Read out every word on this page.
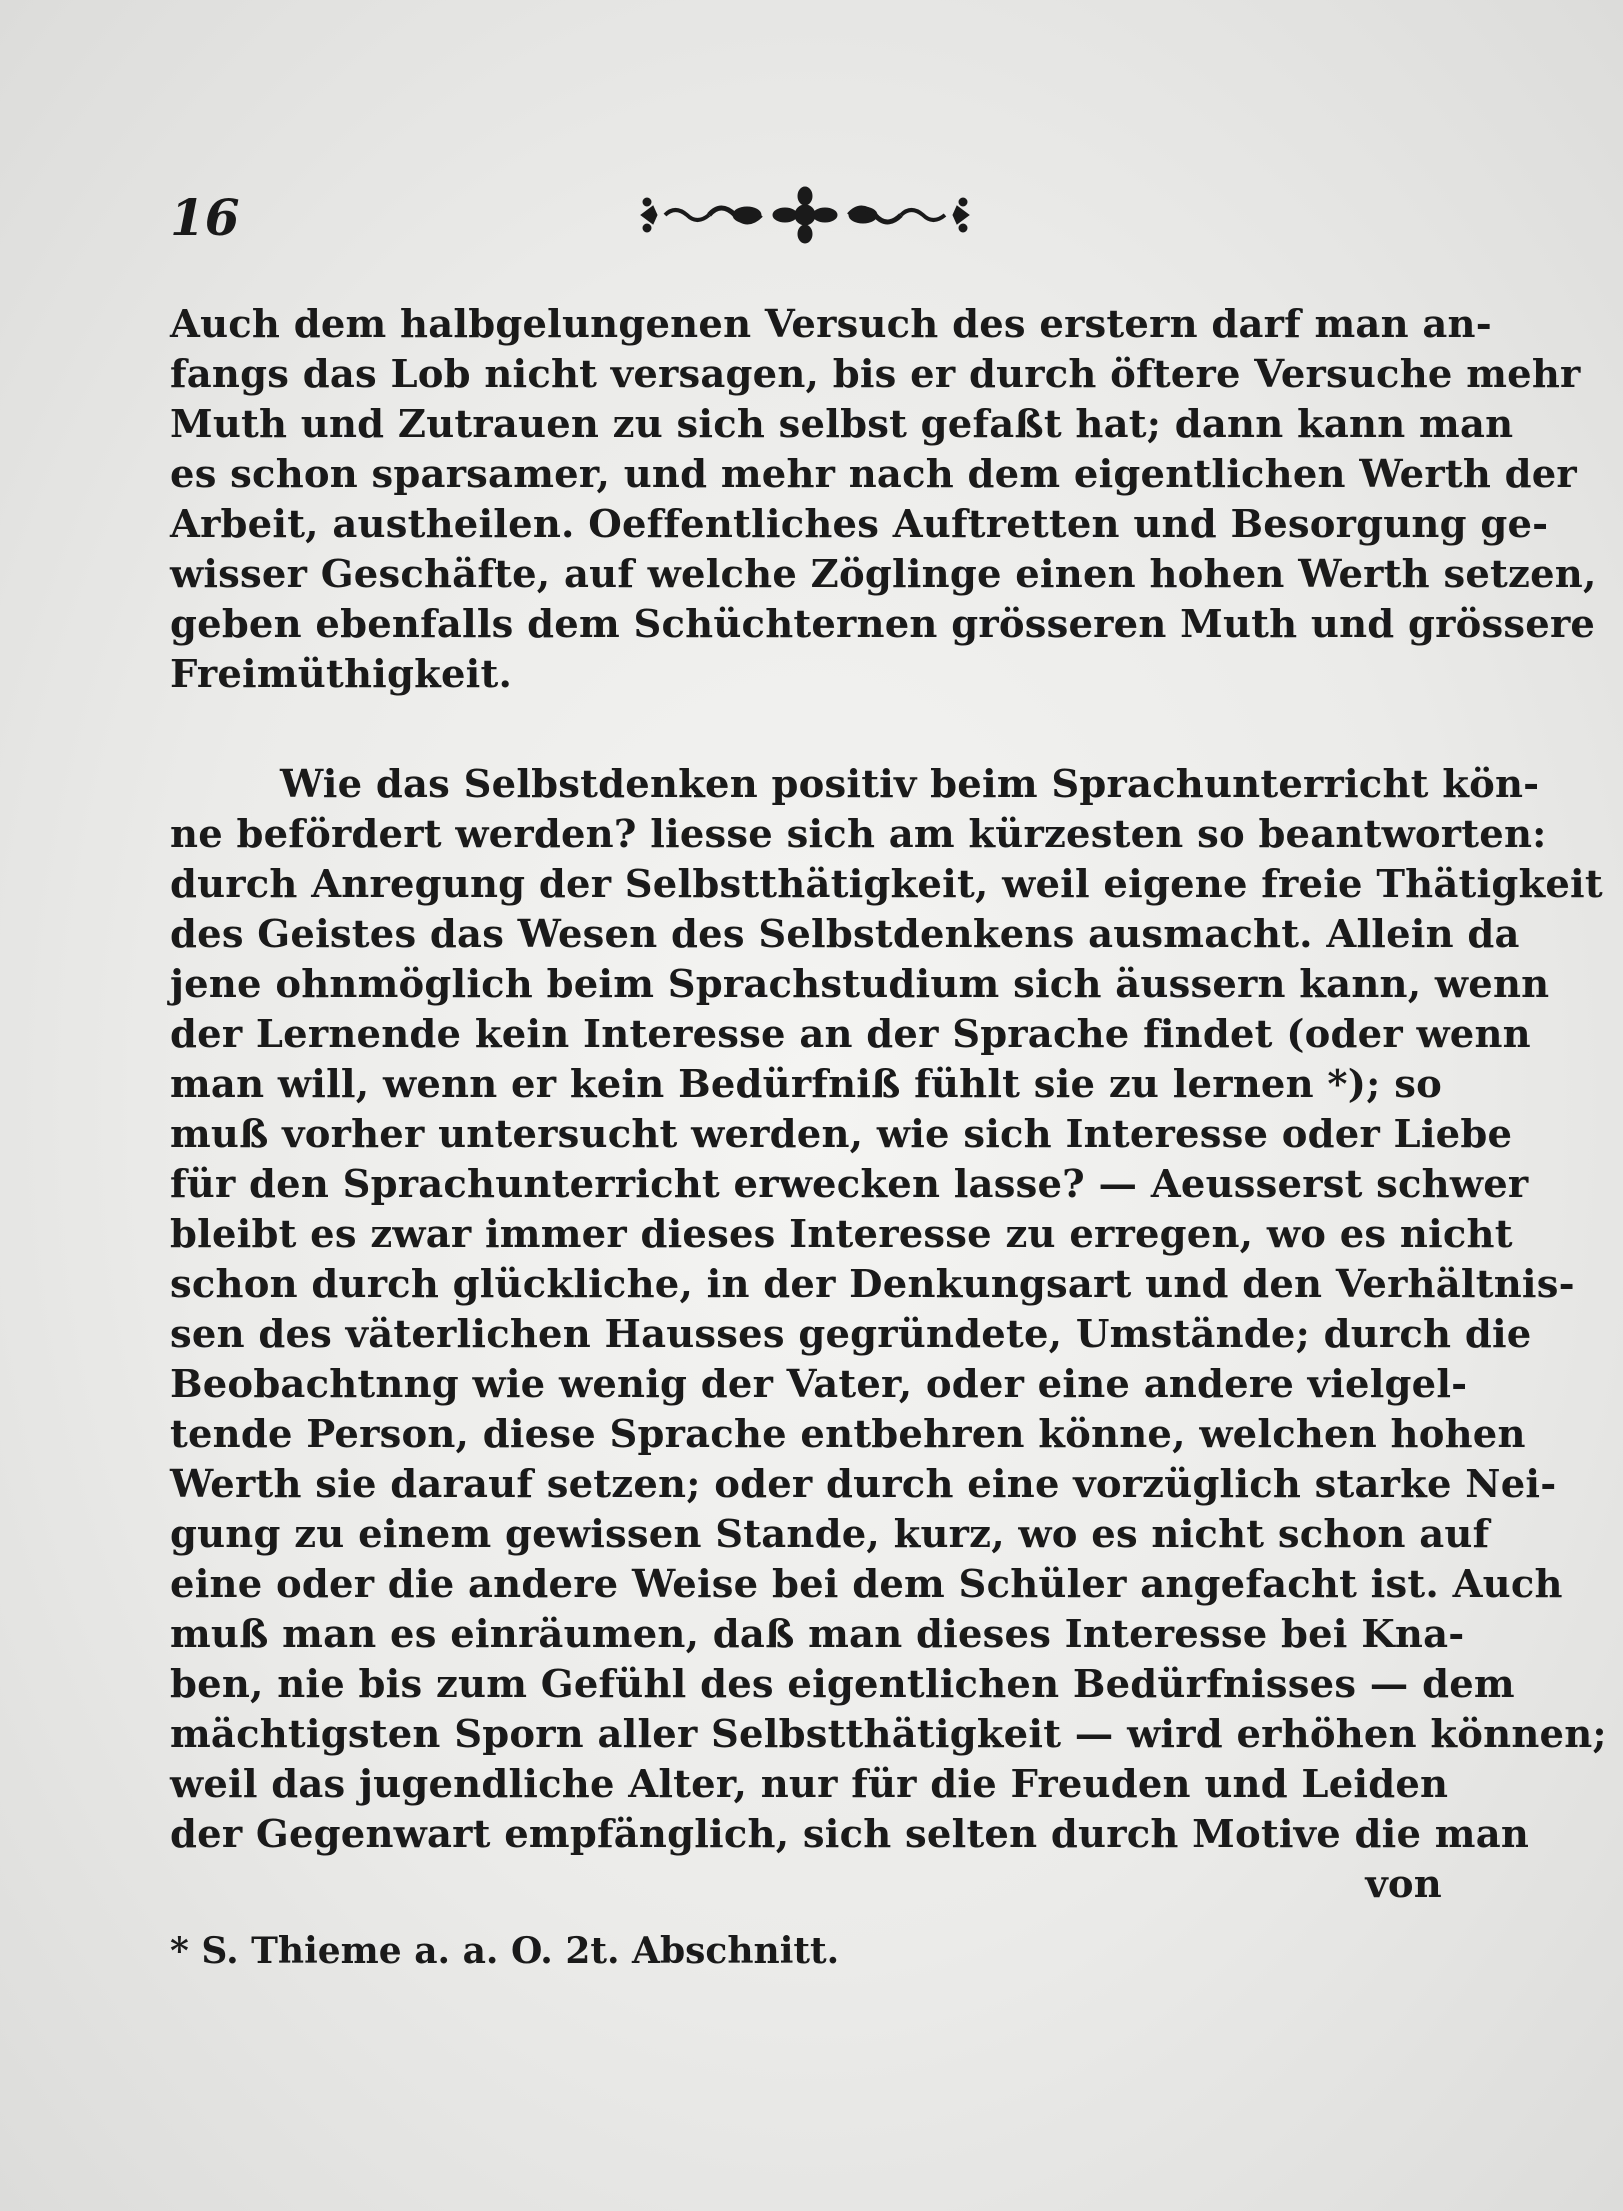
16
Auch dem halbgelungenen Versuch des erstern darf man an-
fangs das Lob nicht versagen, bis er durch öftere Versuche mehr
Muth und Zutrauen zu sich selbst gefaßt hat; dann kann man
es schon sparsamer, und mehr nach dem eigentlichen Werth der
Arbeit, austheilen. Oeffentliches Auftretten und Besorgung ge-
wisser Geschäfte, auf welche Zöglinge einen hohen Werth setzen,
geben ebenfalls dem Schüchternen grösseren Muth und grössere
Freimüthigkeit.
Wie das Selbstdenken positiv beim Sprachunterricht kön-
ne befördert werden? liesse sich am kürzesten so beantworten:
durch Anregung der Selbstthätigkeit, weil eigene freie Thätigkeit
des Geistes das Wesen des Selbstdenkens ausmacht. Allein da
jene ohnmöglich beim Sprachstudium sich äussern kann, wenn
der Lernende kein Interesse an der Sprache findet (oder wenn
man will, wenn er kein Bedürfniß fühlt sie zu lernen *); so
muß vorher untersucht werden, wie sich Interesse oder Liebe
für den Sprachunterricht erwecken lasse? — Aeusserst schwer
bleibt es zwar immer dieses Interesse zu erregen, wo es nicht
schon durch glückliche, in der Denkungsart und den Verhältnis-
sen des väterlichen Hausses gegründete, Umstände; durch die
Beobachtnng wie wenig der Vater, oder eine andere vielgel-
tende Person, diese Sprache entbehren könne, welchen hohen
Werth sie darauf setzen; oder durch eine vorzüglich starke Nei-
gung zu einem gewissen Stande, kurz, wo es nicht schon auf
eine oder die andere Weise bei dem Schüler angefacht ist. Auch
muß man es einräumen, daß man dieses Interesse bei Kna-
ben, nie bis zum Gefühl des eigentlichen Bedürfnisses — dem
mächtigsten Sporn aller Selbstthätigkeit — wird erhöhen können;
weil das jugendliche Alter, nur für die Freuden und Leiden
der Gegenwart empfänglich, sich selten durch Motive die man
von
* S. Thieme a. a. O. 2t. Abschnitt.
